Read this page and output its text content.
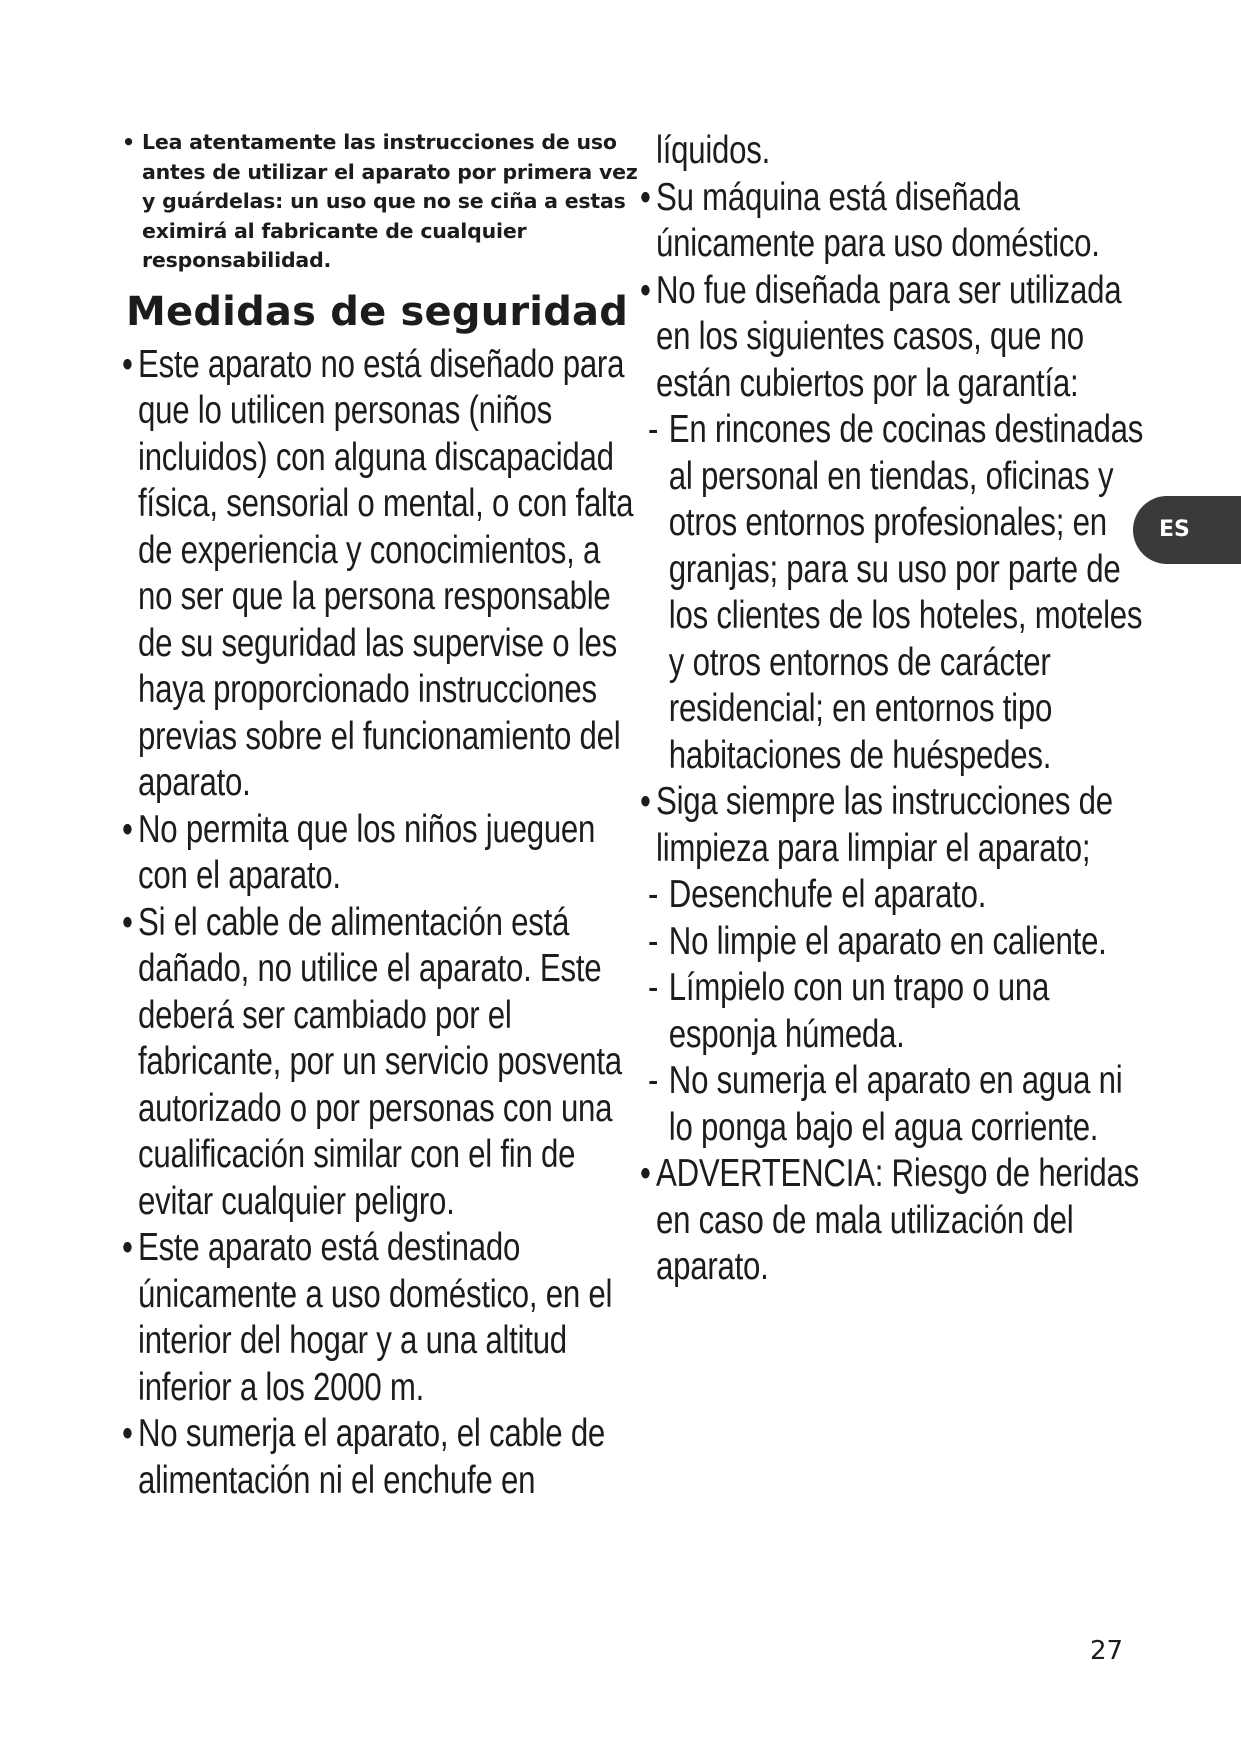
• Lea atentamente las instrucciones de uso antes de utilizar el aparato por primera vez y guárdelas: un uso que no se ciña a estas eximirá al fabricante de cualquier responsabilidad.

Medidas de seguridad

• Este aparato no está diseñado para que lo utilicen personas (niños incluidos) con alguna discapacidad física, sensorial o mental, o con falta de experiencia y conocimientos, a no ser que la persona responsable de su seguridad las supervise o les haya proporcionado instrucciones previas sobre el funcionamiento del aparato.

• No permita que los niños jueguen con el aparato.

• Si el cable de alimentación está dañado, no utilice el aparato. Este deberá ser cambiado por el fabricante, por un servicio posventa autorizado o por personas con una cualificación similar con el fin de evitar cualquier peligro.

• Este aparato está destinado únicamente a uso doméstico, en el interior del hogar y a una altitud inferior a los 2000 m.

• No sumerja el aparato, el cable de alimentación ni el enchufe en

líquidos.

• Su máquina está diseñada únicamente para uso doméstico.

• No fue diseñada para ser utilizada en los siguientes casos, que no están cubiertos por la garantía:

- En rincones de cocinas destinadas al personal en tiendas, oficinas y otros entornos profesionales; en granjas; para su uso por parte de los clientes de los hoteles, moteles y otros entornos de carácter residencial; en entornos tipo habitaciones de huéspedes.

• Siga siempre las instrucciones de limpieza para limpiar el aparato;

- Desenchufe el aparato.

- No limpie el aparato en caliente.

- Límpielo con un trapo o una esponja húmeda.

- No sumerja el aparato en agua ni lo ponga bajo el agua corriente.

• ADVERTENCIA: Riesgo de heridas en caso de mala utilización del aparato.

ES
27
